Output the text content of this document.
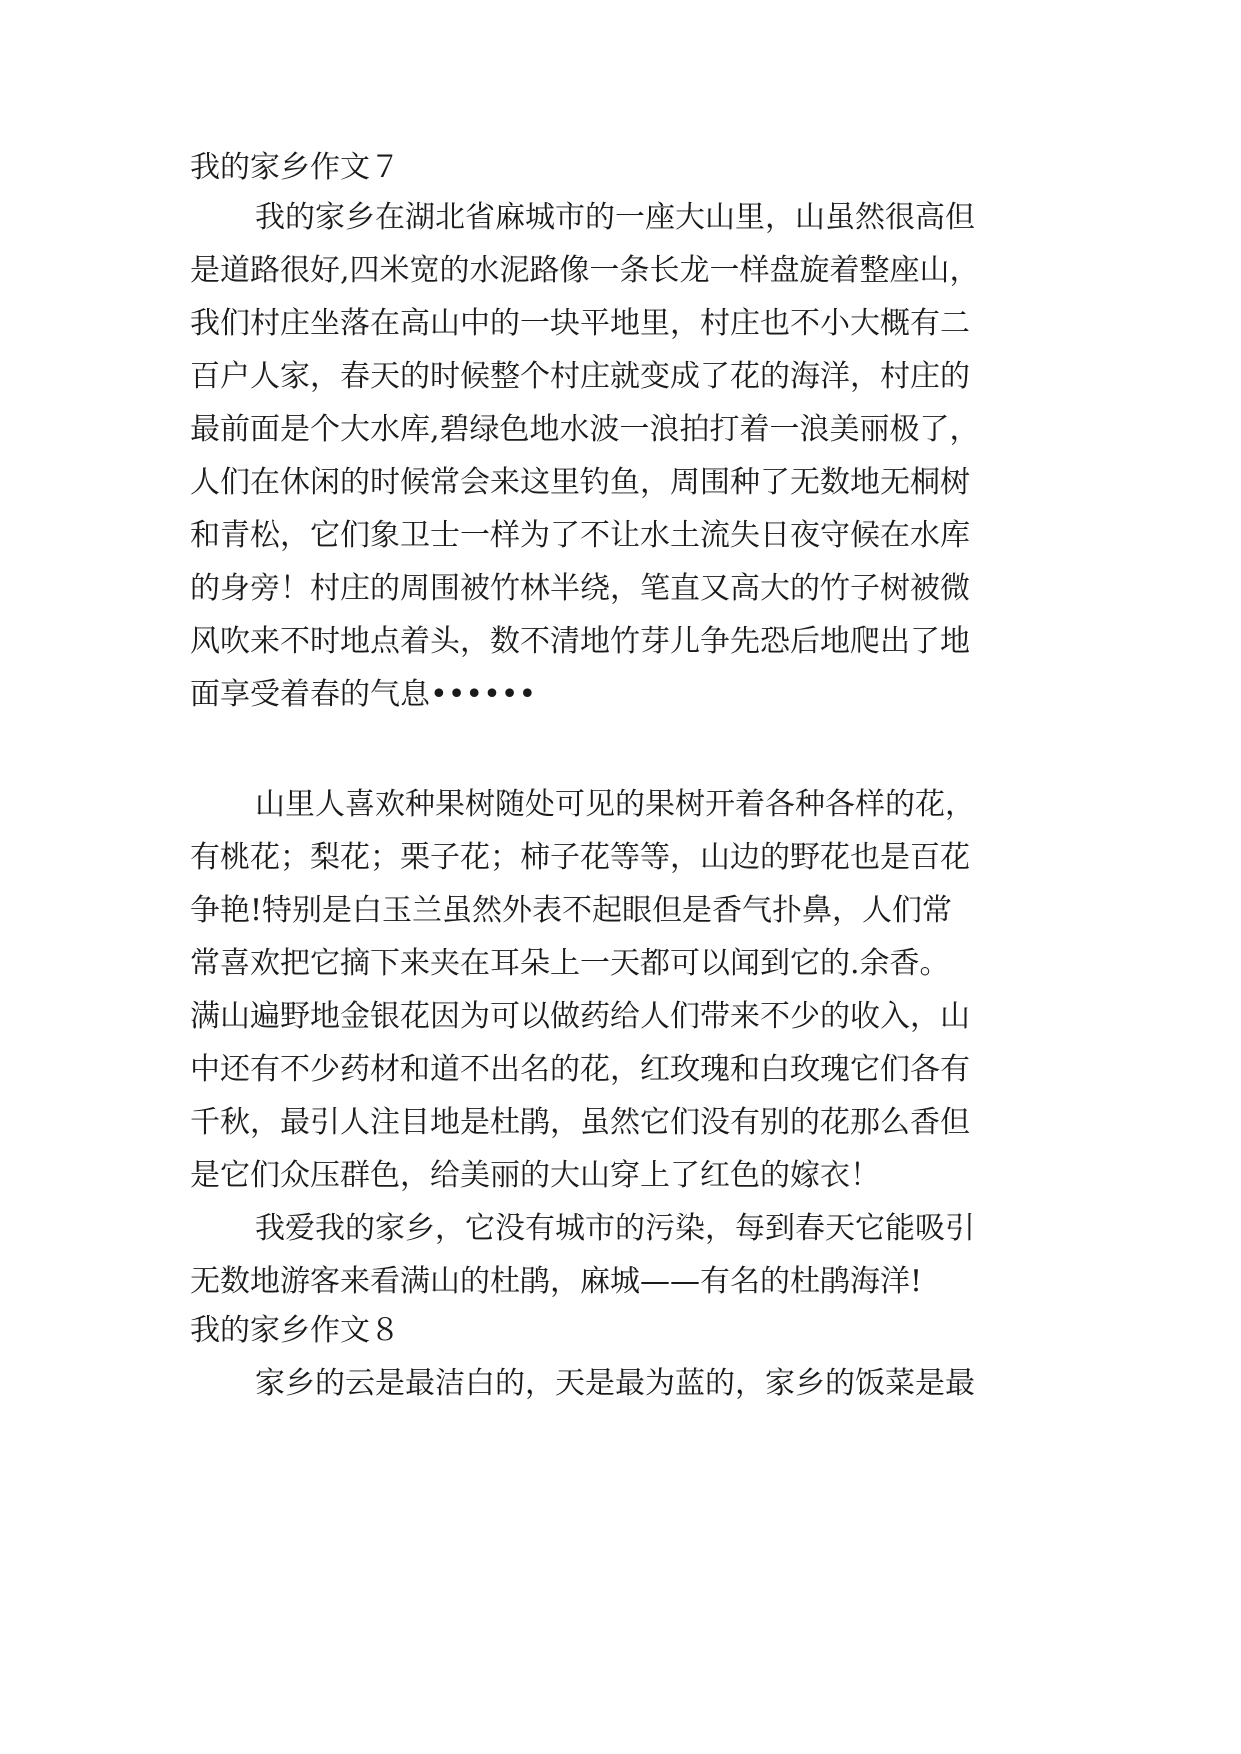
我的家乡作文７
我的家乡在湖北省麻城市的一座大山里，山虽然很高但
是道路很好,四米宽的水泥路像一条长龙一样盘旋着整座山，
我们村庄坐落在高山中的一块平地里，村庄也不小大概有二
百户人家，春天的时候整个村庄就变成了花的海洋，村庄的
最前面是个大水库,碧绿色地水波一浪拍打着一浪美丽极了，
人们在休闲的时候常会来这里钓鱼，周围种了无数地无桐树
和青松，它们象卫士一样为了不让水土流失日夜守候在水库
的身旁！村庄的周围被竹林半绕，笔直又高大的竹子树被微
风吹来不时地点着头，数不清地竹芽儿争先恐后地爬出了地
面享受着春的气息••••••
山里人喜欢种果树随处可见的果树开着各种各样的花，
有桃花；梨花；栗子花；柿子花等等，山边的野花也是百花
争艳!特别是白玉兰虽然外表不起眼但是香气扑鼻，人们常
常喜欢把它摘下来夹在耳朵上一天都可以闻到它的.余香。
满山遍野地金银花因为可以做药给人们带来不少的收入，山
中还有不少药材和道不出名的花，红玫瑰和白玫瑰它们各有
千秋，最引人注目地是杜鹃，虽然它们没有别的花那么香但
是它们众压群色，给美丽的大山穿上了红色的嫁衣！
我爱我的家乡，它没有城市的污染，每到春天它能吸引
无数地游客来看满山的杜鹃，麻城——有名的杜鹃海洋!
我的家乡作文８
家乡的云是最洁白的，天是最为蓝的，家乡的饭菜是最
